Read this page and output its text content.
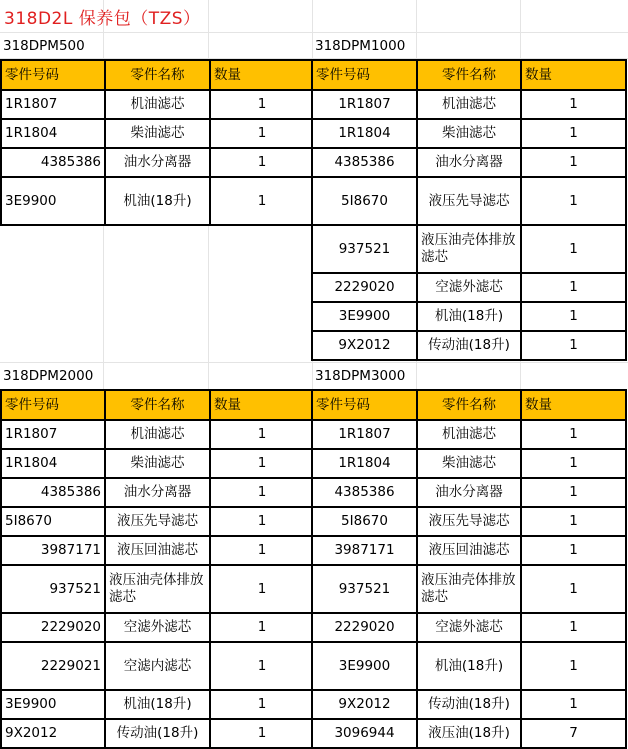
318D2L 保养包（TZS）
318DPM500	318DPM1000
318DPM2000	318DPM3000
零件号码	零件名称	数量
1R1807	机油滤芯	1
1R1804	柴油滤芯	1
4385386	油水分离器	1
3E9900	机油(18升)	1
零件号码	零件名称	数量
1R1807	机油滤芯	1
1R1804	柴油滤芯	1
4385386	油水分离器	1
5I8670	液压先导滤芯	1
937521	液压油壳体排放滤芯	1
2229020	空滤外滤芯	1
3E9900	机油(18升)	1
9X2012	传动油(18升)	1
零件号码	零件名称	数量
1R1807	机油滤芯	1
1R1804	柴油滤芯	1
4385386	油水分离器	1
5I8670	液压先导滤芯	1
3987171	液压回油滤芯	1
937521	液压油壳体排放滤芯	1
2229020	空滤外滤芯	1
2229021	空滤内滤芯	1
3E9900	机油(18升)	1
9X2012	传动油(18升)	1
零件号码	零件名称	数量
1R1807	机油滤芯	1
1R1804	柴油滤芯	1
4385386	油水分离器	1
5I8670	液压先导滤芯	1
3987171	液压回油滤芯	1
937521	液压油壳体排放滤芯	1
2229020	空滤外滤芯	1
3E9900	机油(18升)	1
9X2012	传动油(18升)	1
3096944	液压油(18升)	7
